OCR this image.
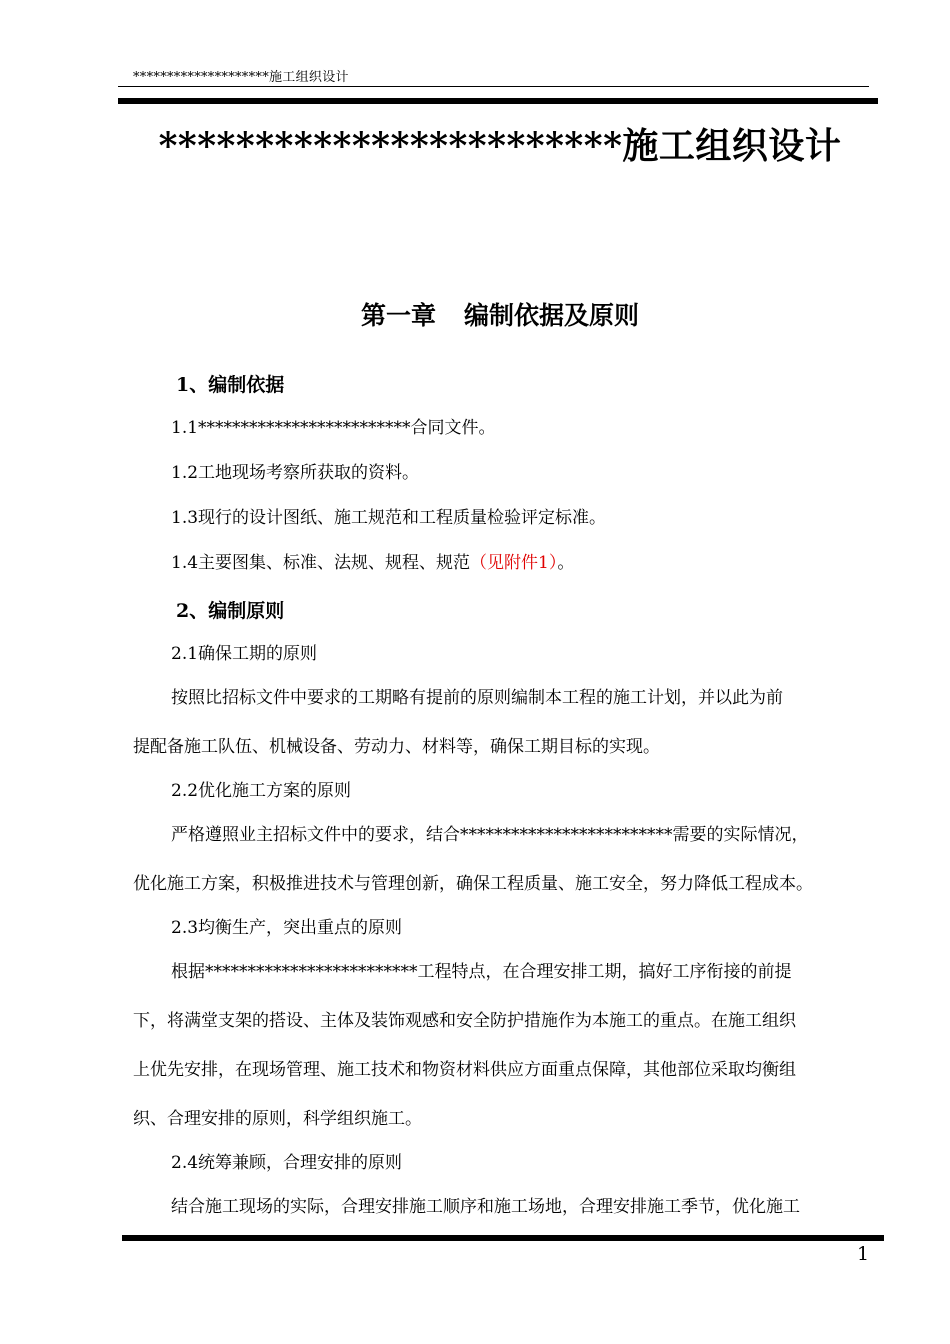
********************施工组织设计
************************施工组织设计
第一章 编制依据及原则
1、编制依据
1.1*************************合同文件。
1.2工地现场考察所获取的资料。
1.3现行的设计图纸、施工规范和工程质量检验评定标准。
1.4主要图集、标准、法规、规程、规范（见附件1）。
2、编制原则
2.1确保工期的原则
按照比招标文件中要求的工期略有提前的原则编制本工程的施工计划，并以此为前
提配备施工队伍、机械设备、劳动力、材料等，确保工期目标的实现。
2.2优化施工方案的原则
严格遵照业主招标文件中的要求，结合*************************需要的实际情况，
优化施工方案，积极推进技术与管理创新，确保工程质量、施工安全，努力降低工程成本。
2.3均衡生产，突出重点的原则
根据*************************工程特点，在合理安排工期，搞好工序衔接的前提
下，将满堂支架的搭设、主体及装饰观感和安全防护措施作为本施工的重点。在施工组织
上优先安排，在现场管理、施工技术和物资材料供应方面重点保障，其他部位采取均衡组
织、合理安排的原则，科学组织施工。
2.4统筹兼顾，合理安排的原则
结合施工现场的实际，合理安排施工顺序和施工场地，合理安排施工季节，优化施工
1
